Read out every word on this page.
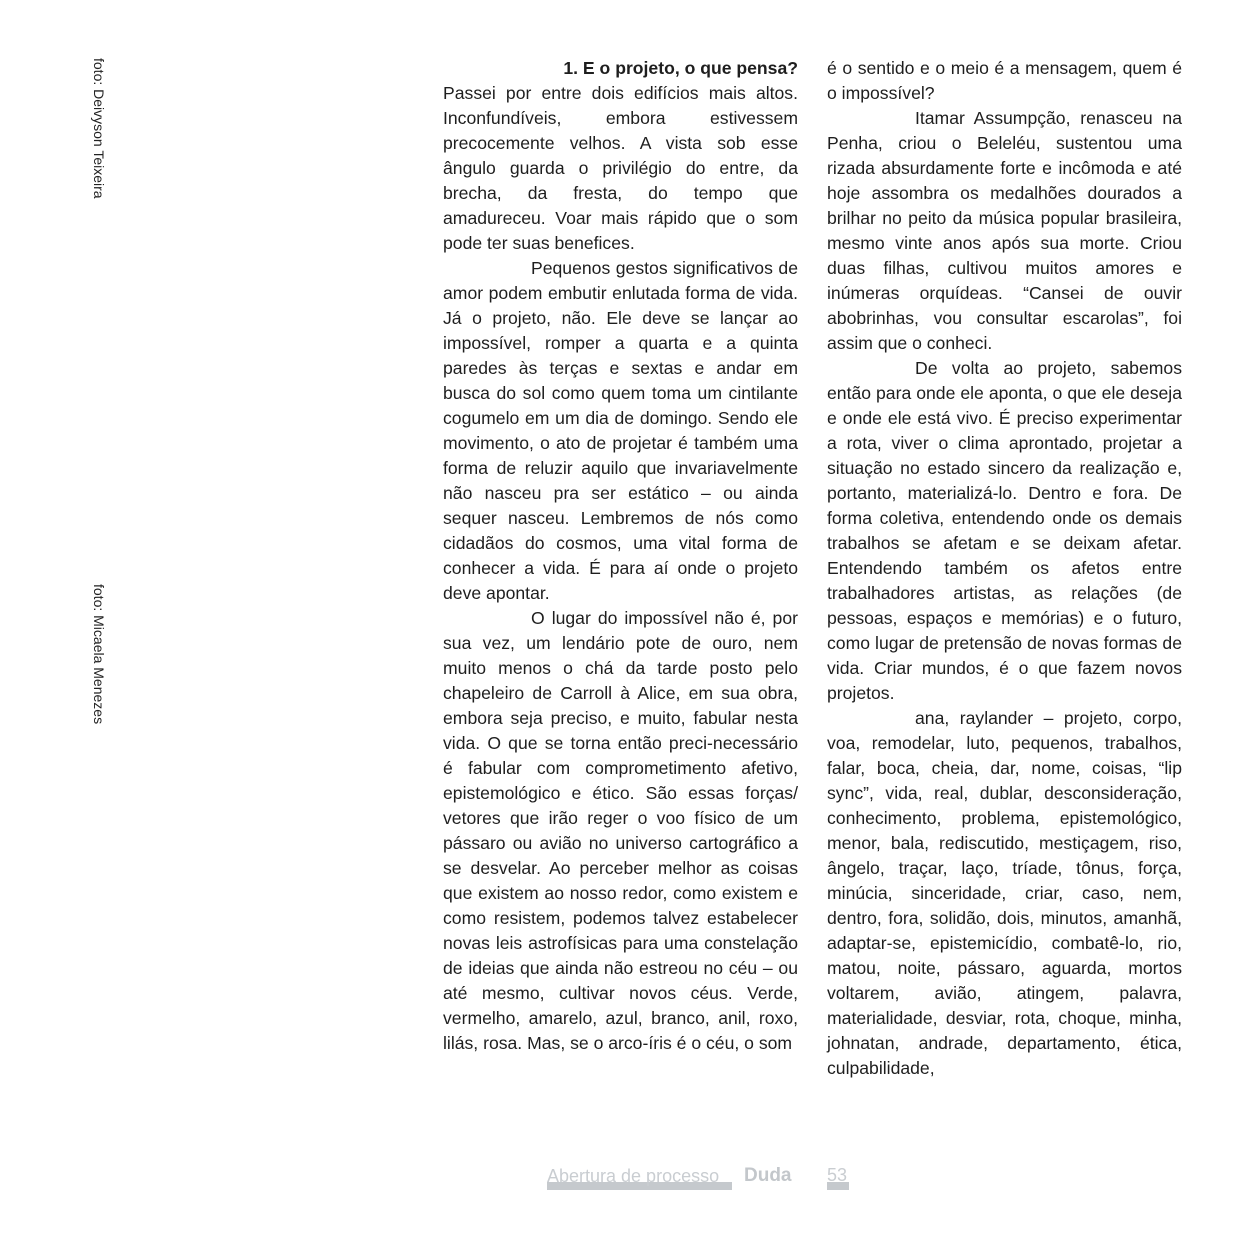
foto: Deivyson Teixeira
foto: Micaela Menezes

1. E o projeto, o que pensa?

Passei por entre dois edifícios mais altos. Inconfundíveis, embora estivessem precocemente velhos. A vista sob esse ângulo guarda o privilégio do entre, da brecha, da fresta, do tempo que amadureceu. Voar mais rápido que o som pode ter suas benefices.

Pequenos gestos significativos de amor podem embutir enlutada forma de vida. Já o projeto, não. Ele deve se lançar ao impossível, romper a quarta e a quinta paredes às terças e sextas e andar em busca do sol como quem toma um cintilante cogumelo em um dia de domingo. Sendo ele movimento, o ato de projetar é também uma forma de reluzir aquilo que invariavelmente não nasceu pra ser estático – ou ainda sequer nasceu. Lembremos de nós como cidadãos do cosmos, uma vital forma de conhecer a vida. É para aí onde o projeto deve apontar.

O lugar do impossível não é, por sua vez, um lendário pote de ouro, nem muito menos o chá da tarde posto pelo chapeleiro de Carroll à Alice, em sua obra, embora seja preciso, e muito, fabular nesta vida. O que se torna então preci-necessário é fabular com comprometimento afetivo, epistemológico e ético. São essas forças/ vetores que irão reger o voo físico de um pássaro ou avião no universo cartográfico a se desvelar. Ao perceber melhor as coisas que existem ao nosso redor, como existem e como resistem, podemos talvez estabelecer novas leis astrofísicas para uma constelação de ideias que ainda não estreou no céu – ou até mesmo, cultivar novos céus. Verde, vermelho, amarelo, azul, branco, anil, roxo, lilás, rosa. Mas, se o arco-íris é o céu, o som

é o sentido e o meio é a mensagem, quem é o impossível?

Itamar Assumpção, renasceu na Penha, criou o Beleléu, sustentou uma rizada absurdamente forte e incômoda e até hoje assombra os medalhões dourados a brilhar no peito da música popular brasileira, mesmo vinte anos após sua morte. Criou duas filhas, cultivou muitos amores e inúmeras orquídeas. “Cansei de ouvir abobrinhas, vou consultar escarolas”, foi assim que o conheci.

De volta ao projeto, sabemos então para onde ele aponta, o que ele deseja e onde ele está vivo. É preciso experimentar a rota, viver o clima aprontado, projetar a situação no estado sincero da realização e, portanto, materializá-lo. Dentro e fora. De forma coletiva, entendendo onde os demais trabalhos se afetam e se deixam afetar. Entendendo também os afetos entre trabalhadores artistas, as relações (de pessoas, espaços e memórias) e o futuro, como lugar de pretensão de novas formas de vida. Criar mundos, é o que fazem novos projetos.

ana, raylander – projeto, corpo, voa, remodelar, luto, pequenos, trabalhos, falar, boca, cheia, dar, nome, coisas, “lip sync”, vida, real, dublar, desconsideração, conhecimento, problema, epistemológico, menor, bala, rediscutido, mestiçagem, riso, ângelo, traçar, laço, tríade, tônus, força, minúcia, sinceridade, criar, caso, nem, dentro, fora, solidão, dois, minutos, amanhã, adaptar-se, epistemicídio, combatê-lo, rio, matou, noite, pássaro, aguarda, mortos voltarem, avião, atingem, palavra, materialidade, desviar, rota, choque, minha, johnatan, andrade, departamento, ética, culpabilidade,

Abertura de processo Duda 53
